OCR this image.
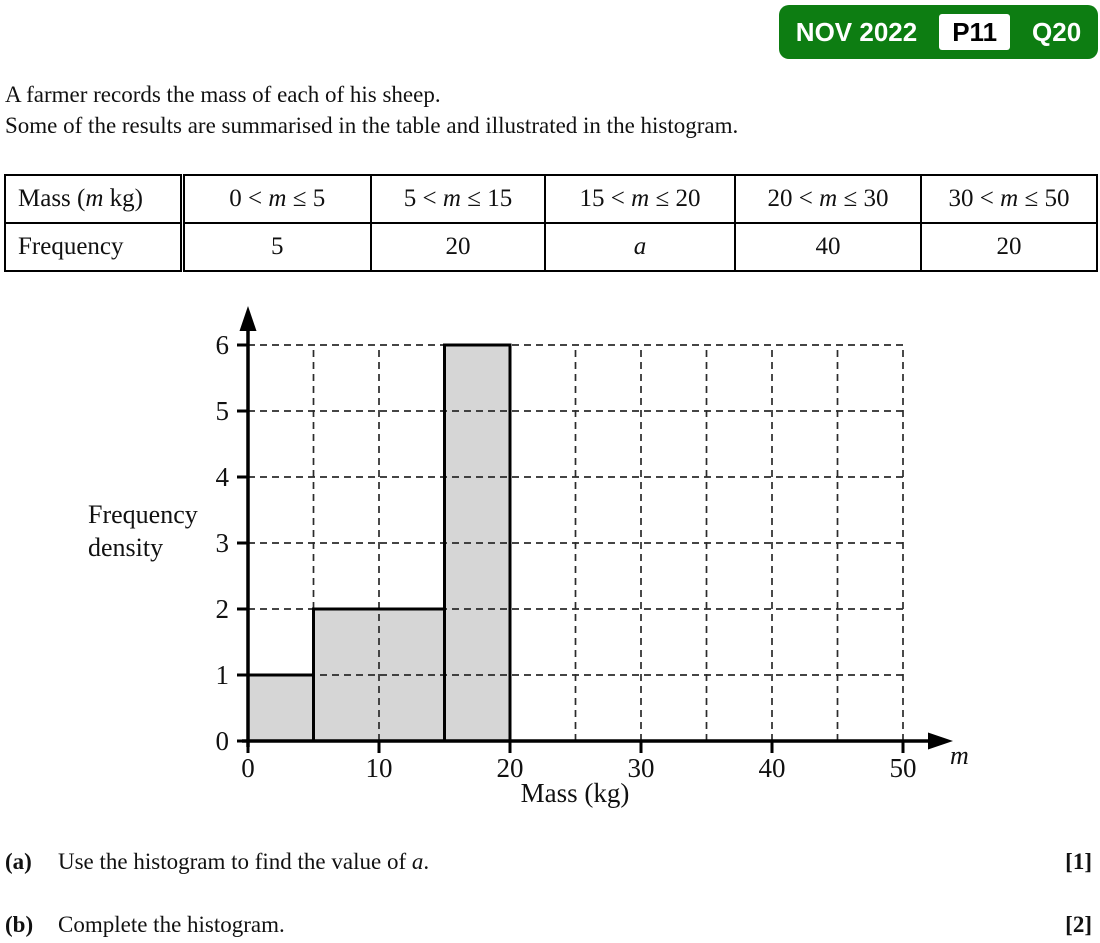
NOV 2022	P11	Q20
A farmer records the mass of each of his sheep.
Some of the results are summarised in the table and illustrated in the histogram.
Mass (m kg)	0 < m ≤ 5	5 < m ≤ 15	15 < m ≤ 20	20 < m ≤ 30	30 < m ≤ 50
Frequency	5	20	a	40	20
0
1
2
3
4
5
6
0	10	20	30	40	50
Frequency
density
Mass (kg)
m
(a)	Use the histogram to find the value of a.	[1]
(b)	Complete the histogram.	[2]
